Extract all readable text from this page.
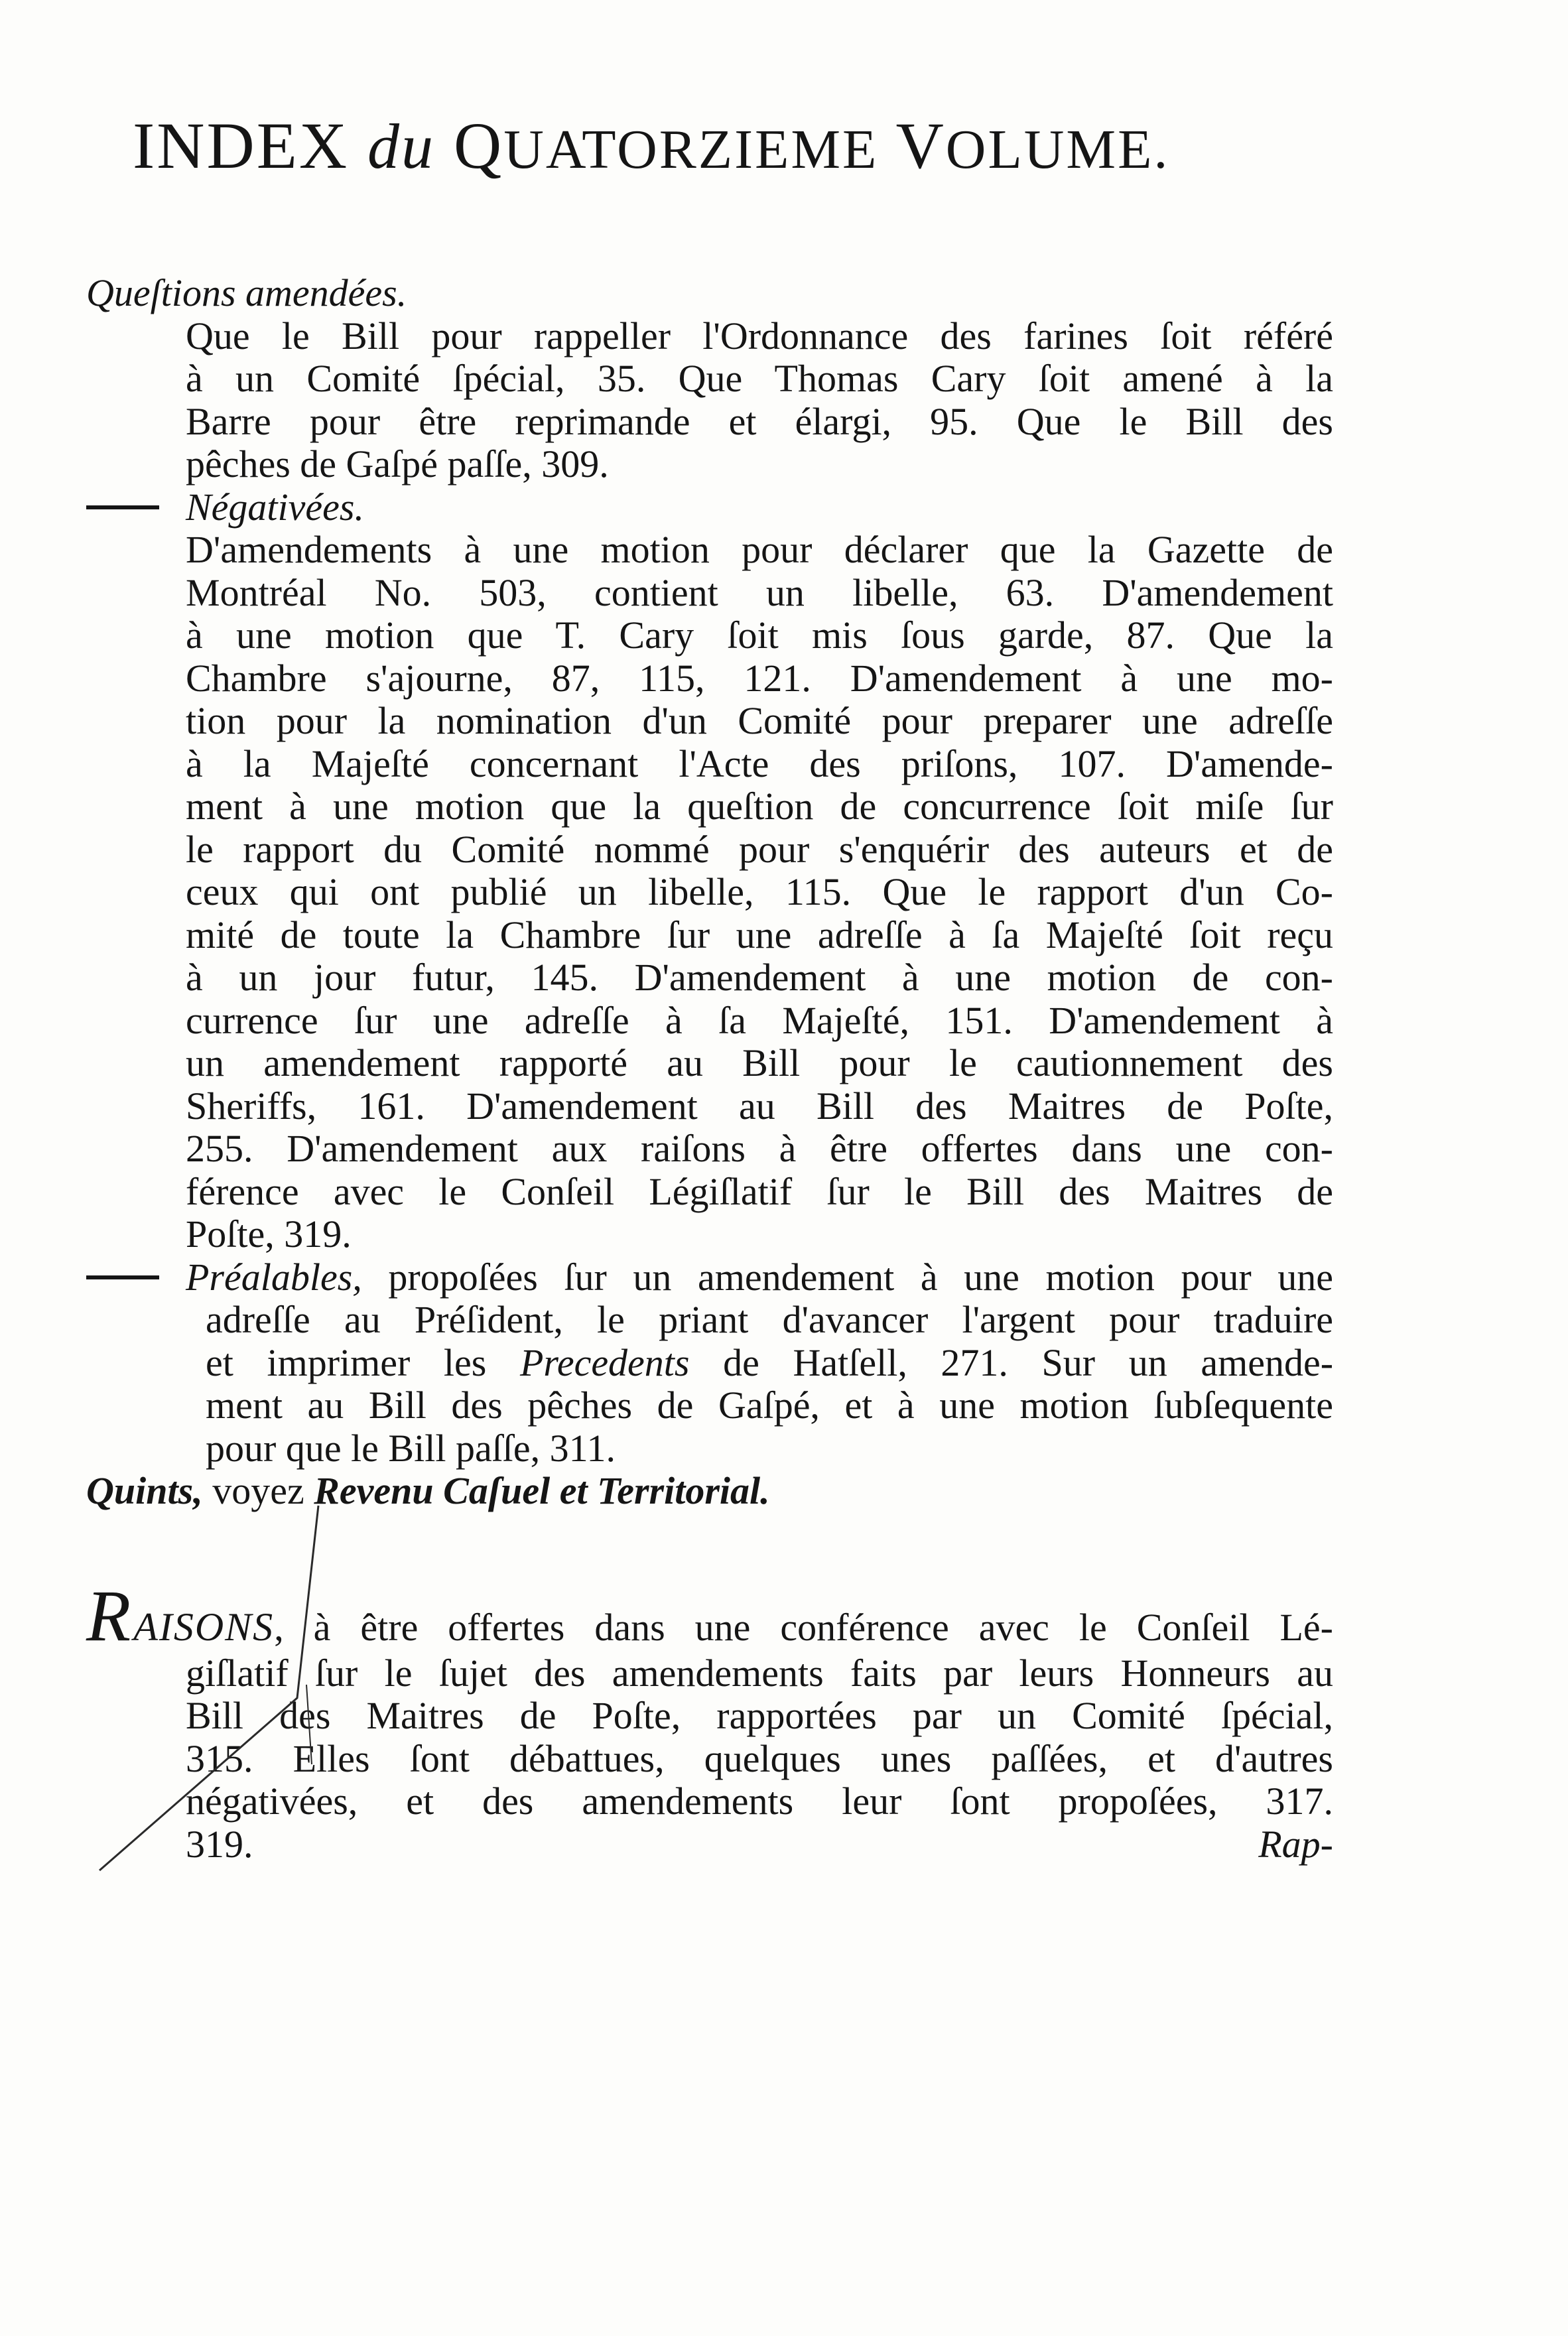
INDEX du QUATORZIEME VOLUME.
Queſtions amendées.
Que le Bill pour rappeller l'Ordonnance des farines ſoit référé
à un Comité ſpécial, 35. Que Thomas Cary ſoit amené à la
Barre pour être reprimande et élargi, 95. Que le Bill des
pêches de Gaſpé paſſe, 309.
Négativées.
D'amendements à une motion pour déclarer que la Gazette de
Montréal No. 503, contient un libelle, 63. D'amendement
à une motion que T. Cary ſoit mis ſous garde, 87. Que la
Chambre s'ajourne, 87, 115, 121. D'amendement à une mo-
tion pour la nomination d'un Comité pour preparer une adreſſe
à la Majeſté concernant l'Acte des priſons, 107. D'amende-
ment à une motion que la queſtion de concurrence ſoit miſe ſur
le rapport du Comité nommé pour s'enquérir des auteurs et de
ceux qui ont publié un libelle, 115. Que le rapport d'un Co-
mité de toute la Chambre ſur une adreſſe à ſa Majeſté ſoit reçu
à un jour futur, 145. D'amendement à une motion de con-
currence ſur une adreſſe à ſa Majeſté, 151. D'amendement à
un amendement rapporté au Bill pour le cautionnement des
Sheriffs, 161. D'amendement au Bill des Maitres de Poſte,
255. D'amendement aux raiſons à être offertes dans une con-
férence avec le Conſeil Légiſlatif ſur le Bill des Maitres de
Poſte, 319.
Préalables, propoſées ſur un amendement à une motion pour une
adreſſe au Préſident, le priant d'avancer l'argent pour traduire
et imprimer les Precedents de Hatſell, 271. Sur un amende-
ment au Bill des pêches de Gaſpé, et à une motion ſubſequente
pour que le Bill paſſe, 311.
Quints, voyez Revenu Caſuel et Territorial.
R AISONS , à être offertes dans une conférence avec le Conſeil Lé-
giſlatif ſur le ſujet des amendements faits par leurs Honneurs au
Bill des Maitres de Poſte, rapportées par un Comité ſpécial,
315. Elles ſont débattues, quelques unes paſſées, et d'autres
négativées, et des amendements leur ſont propoſées, 317.
319.	Rap-
